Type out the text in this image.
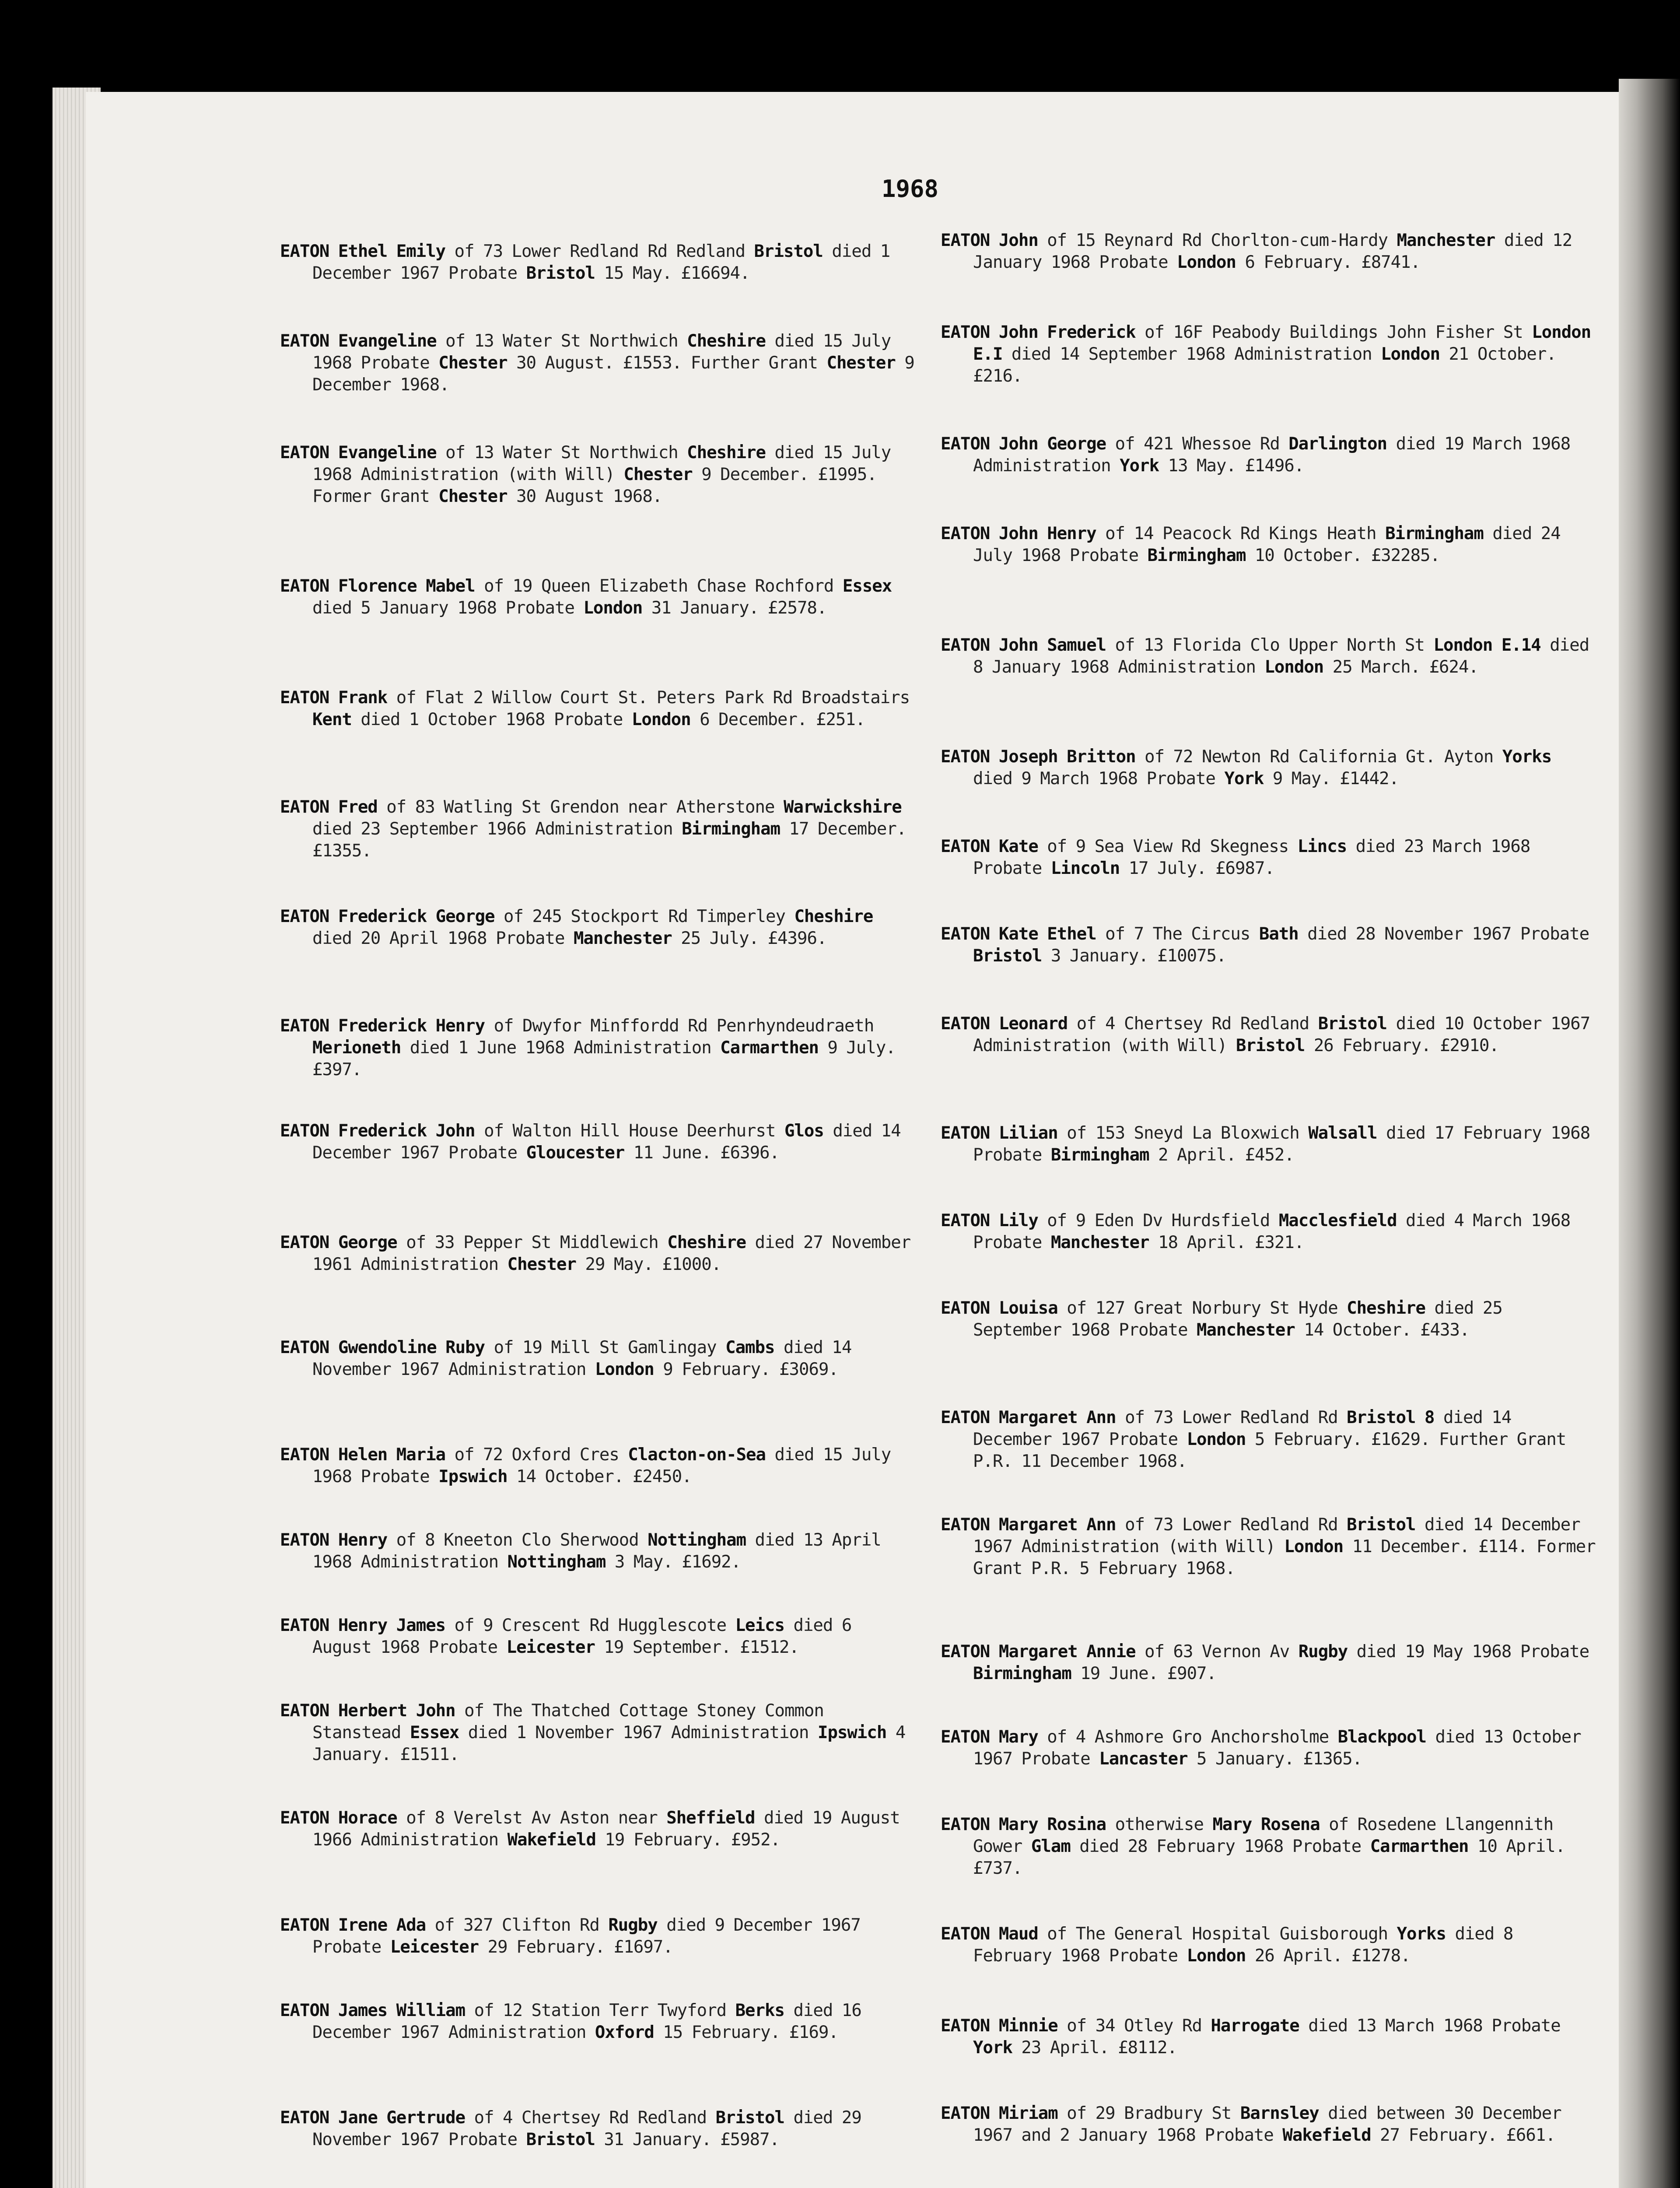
1968
EATON Ethel Emily of 73 Lower Redland Rd Redland Bristol died 1 December 1967 Probate Bristol 15 May. £16694.
EATON Evangeline of 13 Water St Northwich Cheshire died 15 July 1968 Probate Chester 30 August. £1553. Further Grant Chester 9 December 1968.
EATON Evangeline of 13 Water St Northwich Cheshire died 15 July 1968 Administration (with Will) Chester 9 December. £1995. Former Grant Chester 30 August 1968.
EATON Florence Mabel of 19 Queen Elizabeth Chase Rochford Essex died 5 January 1968 Probate London 31 January. £2578.
EATON Frank of Flat 2 Willow Court St. Peters Park Rd Broadstairs Kent died 1 October 1968 Probate London 6 December. £251.
EATON Fred of 83 Watling St Grendon near Atherstone Warwickshire died 23 September 1966 Administration Birmingham 17 December. £1355.
EATON Frederick George of 245 Stockport Rd Timperley Cheshire died 20 April 1968 Probate Manchester 25 July. £4396.
EATON Frederick Henry of Dwyfor Minffordd Rd Penrhyndeudraeth Merioneth died 1 June 1968 Administration Carmarthen 9 July. £397.
EATON Frederick John of Walton Hill House Deerhurst Glos died 14 December 1967 Probate Gloucester 11 June. £6396.
EATON George of 33 Pepper St Middlewich Cheshire died 27 November 1961 Administration Chester 29 May. £1000.
EATON Gwendoline Ruby of 19 Mill St Gamlingay Cambs died 14 November 1967 Administration London 9 February. £3069.
EATON Helen Maria of 72 Oxford Cres Clacton-on-Sea died 15 July 1968 Probate Ipswich 14 October. £2450.
EATON Henry of 8 Kneeton Clo Sherwood Nottingham died 13 April 1968 Administration Nottingham 3 May. £1692.
EATON Henry James of 9 Crescent Rd Hugglescote Leics died 6 August 1968 Probate Leicester 19 September. £1512.
EATON Herbert John of The Thatched Cottage Stoney Common Stanstead Essex died 1 November 1967 Administration Ipswich 4 January. £1511.
EATON Horace of 8 Verelst Av Aston near Sheffield died 19 August 1966 Administration Wakefield 19 February. £952.
EATON Irene Ada of 327 Clifton Rd Rugby died 9 December 1967 Probate Leicester 29 February. £1697.
EATON James William of 12 Station Terr Twyford Berks died 16 December 1967 Administration Oxford 15 February. £169.
EATON Jane Gertrude of 4 Chertsey Rd Redland Bristol died 29 November 1967 Probate Bristol 31 January. £5987.
EATON John of 15 Reynard Rd Chorlton-cum-Hardy Manchester died 12 January 1968 Probate London 6 February. £8741.
EATON John Frederick of 16F Peabody Buildings John Fisher St London E.I died 14 September 1968 Administration London 21 October. £216.
EATON John George of 421 Whessoe Rd Darlington died 19 March 1968 Administration York 13 May. £1496.
EATON John Henry of 14 Peacock Rd Kings Heath Birmingham died 24 July 1968 Probate Birmingham 10 October. £32285.
EATON John Samuel of 13 Florida Clo Upper North St London E.14 died 8 January 1968 Administration London 25 March. £624.
EATON Joseph Britton of 72 Newton Rd California Gt. Ayton Yorks died 9 March 1968 Probate York 9 May. £1442.
EATON Kate of 9 Sea View Rd Skegness Lincs died 23 March 1968 Probate Lincoln 17 July. £6987.
EATON Kate Ethel of 7 The Circus Bath died 28 November 1967 Probate Bristol 3 January. £10075.
EATON Leonard of 4 Chertsey Rd Redland Bristol died 10 October 1967 Administration (with Will) Bristol 26 February. £2910.
EATON Lilian of 153 Sneyd La Bloxwich Walsall died 17 February 1968 Probate Birmingham 2 April. £452.
EATON Lily of 9 Eden Dv Hurdsfield Macclesfield died 4 March 1968 Probate Manchester 18 April. £321.
EATON Louisa of 127 Great Norbury St Hyde Cheshire died 25 September 1968 Probate Manchester 14 October. £433.
EATON Margaret Ann of 73 Lower Redland Rd Bristol 8 died 14 December 1967 Probate London 5 February. £1629. Further Grant P.R. 11 December 1968.
EATON Margaret Ann of 73 Lower Redland Rd Bristol died 14 December 1967 Administration (with Will) London 11 December. £114. Former Grant P.R. 5 February 1968.
EATON Margaret Annie of 63 Vernon Av Rugby died 19 May 1968 Probate Birmingham 19 June. £907.
EATON Mary of 4 Ashmore Gro Anchorsholme Blackpool died 13 October 1967 Probate Lancaster 5 January. £1365.
EATON Mary Rosina otherwise Mary Rosena of Rosedene Llangennith Gower Glam died 28 February 1968 Probate Carmarthen 10 April. £737.
EATON Maud of The General Hospital Guisborough Yorks died 8 February 1968 Probate London 26 April. £1278.
EATON Minnie of 34 Otley Rd Harrogate died 13 March 1968 Probate York 23 April. £8112.
EATON Miriam of 29 Bradbury St Barnsley died between 30 December 1967 and 2 January 1968 Probate Wakefield 27 February. £661.
